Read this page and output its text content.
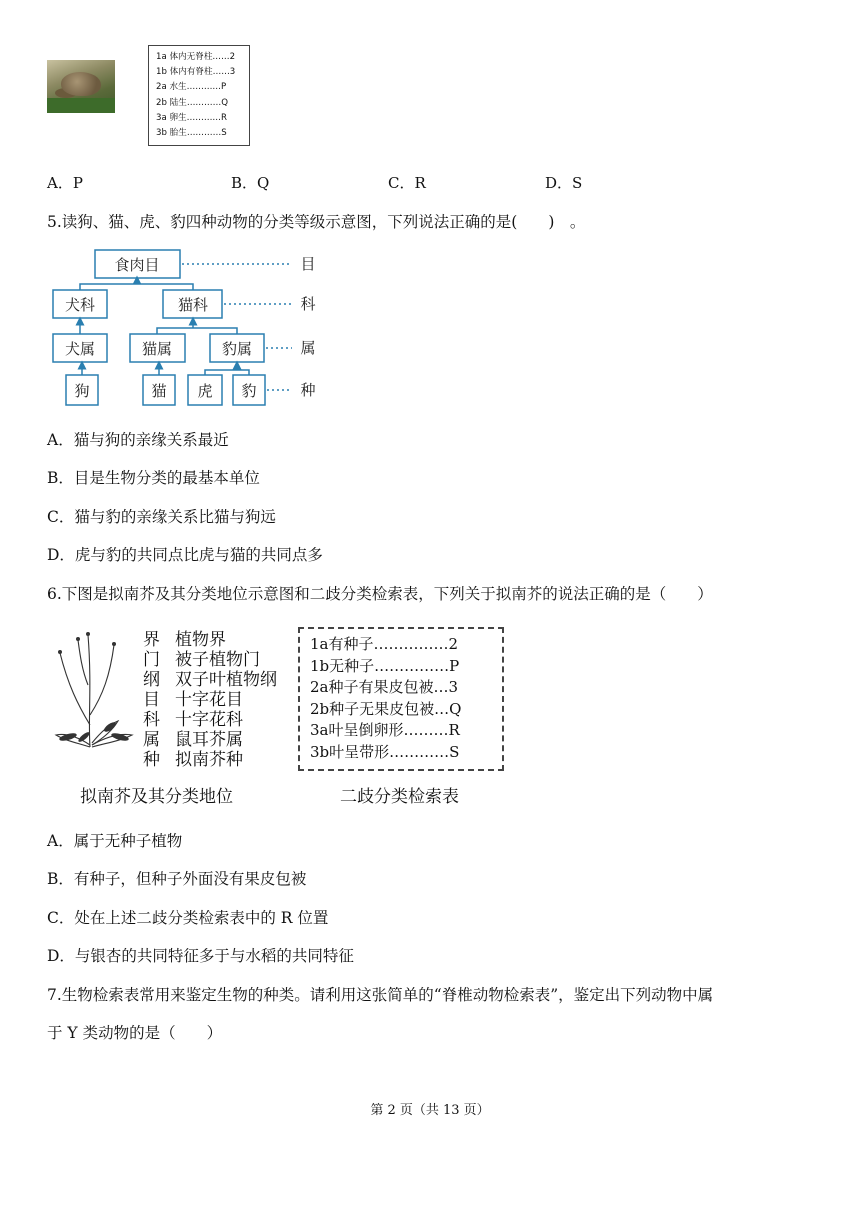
1a 体内无脊柱……2
1b 体内有脊柱……3
2a 水生…………P
2b 陆生…………Q
3a 卵生…………R
3b 胎生…………S
A．P	B．Q	C．R	D．S
5.读狗、猫、虎、豹四种动物的分类等级示意图，下列说法正确的是(　　)　。
食肉目
犬科	猫科
犬属	猫属	豹属
狗	猫 虎 豹
目
科
属
种
A．猫与狗的亲缘关系最近
B．目是生物分类的最基本单位
C．猫与豹的亲缘关系比猫与狗远
D．虎与豹的共同点比虎与猫的共同点多
6.下图是拟南芥及其分类地位示意图和二歧分类检索表，下列关于拟南芥的说法正确的是（　　）
界 植物界
门 被子植物门
纲 双子叶植物纲
目 十字花目
科 十字花科
属 鼠耳芥属
种 拟南芥种
1a有种子……………2
1b无种子……………P
2a种子有果皮包被…3
2b种子无果皮包被…Q
3a叶呈倒卵形………R
3b叶呈带形…………S
拟南芥及其分类地位	二歧分类检索表
A．属于无种子植物
B．有种子，但种子外面没有果皮包被
C．处在上述二歧分类检索表中的 R 位置
D．与银杏的共同特征多于与水稻的共同特征
7.生物检索表常用来鉴定生物的种类。请利用这张简单的“脊椎动物检索表”，鉴定出下列动物中属
于 Y 类动物的是（　　）
第 2 页（共 13 页）
